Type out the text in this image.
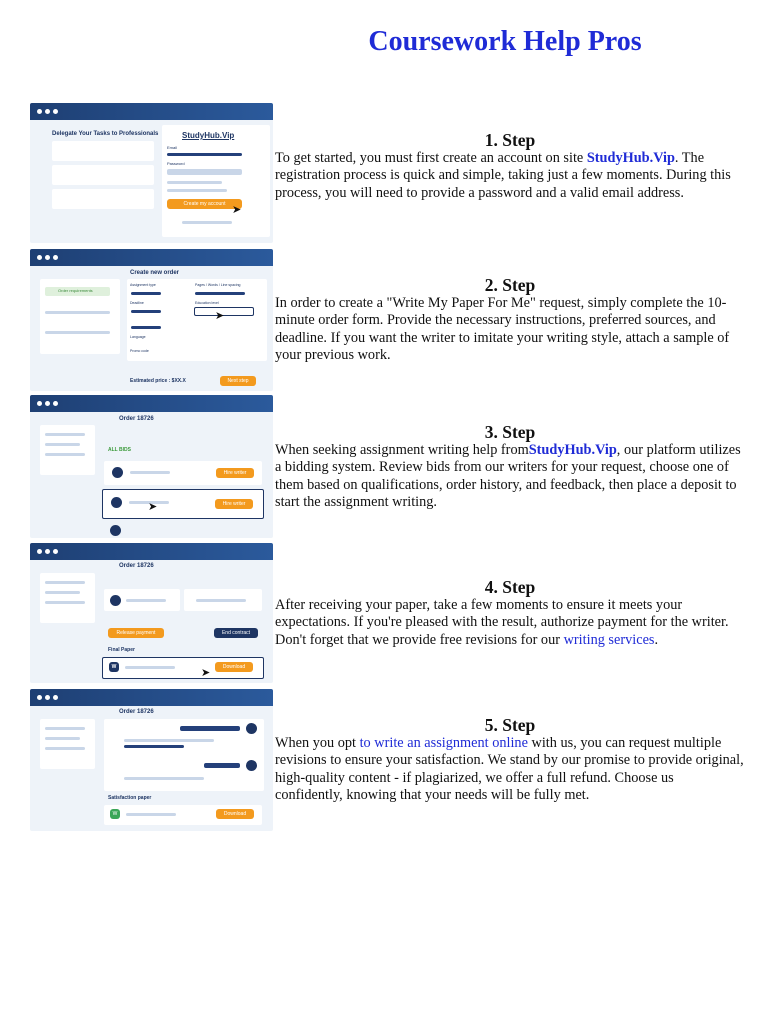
Coursework Help Pros
Delegate Your Tasks to Professionals	StudyHub.Vip
Email
Password
Create my account ➤
Order requirements
Create new order
Assignment type	Pages / Words / Line spacing
Deadline	Education level
➤
Language
Promo code
Estimated price : $XX.X	Next step
Order 18726
ALL BIDS
Hire writer
Hire writer
➤
Order 18726
Release payment	End contract
Final Paper
W	Download
➤
Order 18726
Satisfaction paper
W	Download
1. Step

To get started, you must first create an account on site StudyHub.Vip. The registration process is quick and simple, taking just a few moments. During this process, you will need to provide a password and a valid email address.

2. Step

In order to create a "Write My Paper For Me" request, simply complete the 10-minute order form. Provide the necessary instructions, preferred sources, and deadline. If you want the writer to imitate your writing style, attach a sample of your previous work.

3. Step

When seeking assignment writing help fromStudyHub.Vip, our platform utilizes a bidding system. Review bids from our writers for your request, choose one of them based on qualifications, order history, and feedback, then place a deposit to start the assignment writing.

4. Step

After receiving your paper, take a few moments to ensure it meets your expectations. If you're pleased with the result, authorize payment for the writer. Don't forget that we provide free revisions for our writing services.

5. Step

When you opt to write an assignment online with us, you can request multiple revisions to ensure your satisfaction. We stand by our promise to provide original, high-quality content - if plagiarized, we offer a full refund. Choose us confidently, knowing that your needs will be fully met.
